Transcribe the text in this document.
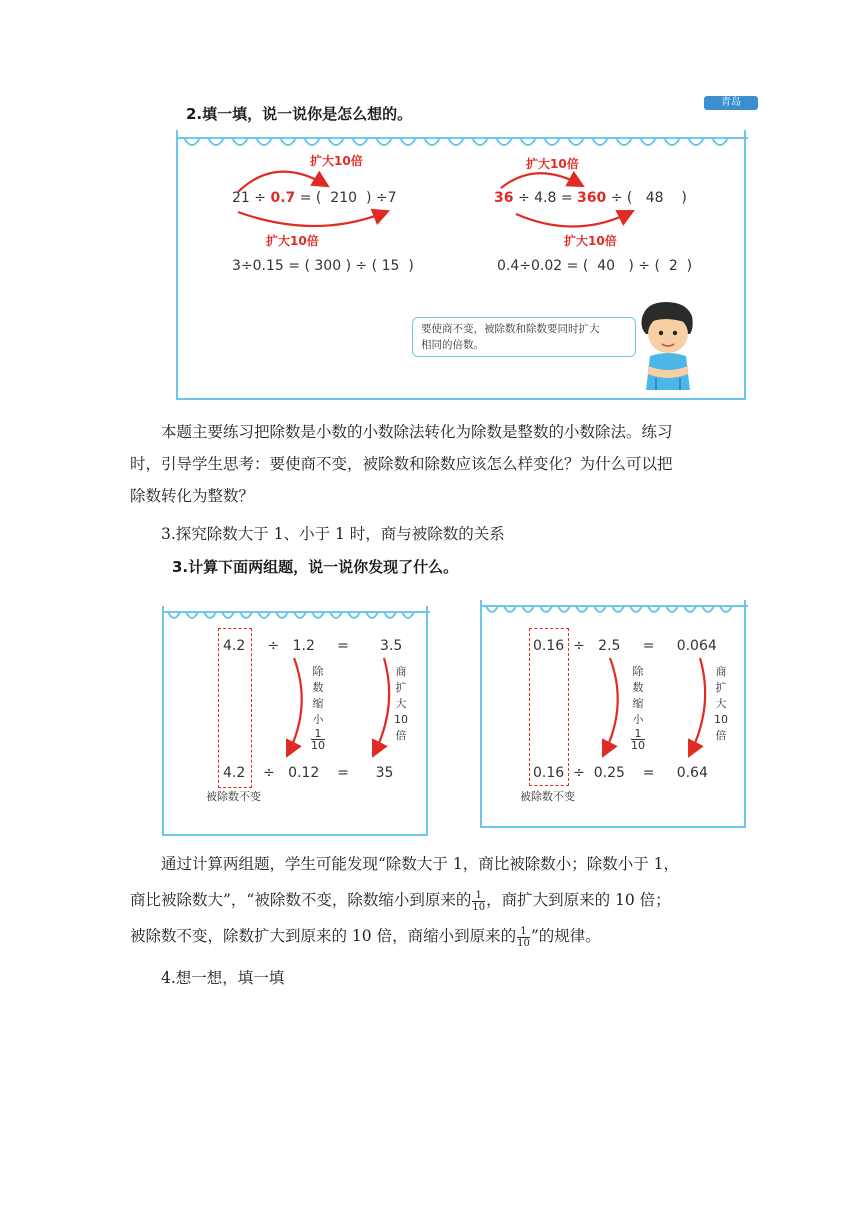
2.填一填，说一说你是怎么想的。
青岛
扩大10倍
扩大10倍
扩大10倍
扩大10倍
21 ÷ 0.7 = ( 210 ) ÷7	36 ÷ 4.8 = 360 ÷ ( 48 )
3÷0.15 = ( 300 ) ÷ ( 15 )	0.4÷0.02 = ( 40 ) ÷ ( 2 )
要使商不变，被除数和除数要同时扩大
相同的倍数。
本题主要练习把除数是小数的小数除法转化为除数是整数的小数除法。练习
时，引导学生思考：要使商不变，被除数和除数应该怎么样变化？为什么可以把
除数转化为整数？
3.探究除数大于 1、小于 1 时，商与被除数的关系
3.计算下面两组题，说一说你发现了什么。
4.2 ÷ 1.2 = 3.5
4.2 ÷ 0.12 = 35
除
数
缩
小

$\frac{1}{10}$
商
扩
大
10
倍
被除数不变
0.16 ÷ 2.5 = 0.064
0.16 ÷ 0.25 = 0.64
除
数
缩
小

$\frac{1}{10}$
商
扩
大
10
倍
被除数不变
通过计算两组题，学生可能发现“除数大于 1，商比被除数小；除数小于 1，
商比被除数大”，“被除数不变，除数缩小到原来的 $\frac{1}{10}$ ，商扩大到原来的 10 倍；
被除数不变，除数扩大到原来的 10 倍，商缩小到原来的 $\frac{1}{10}$ ”的规律。
4.想一想，填一填
